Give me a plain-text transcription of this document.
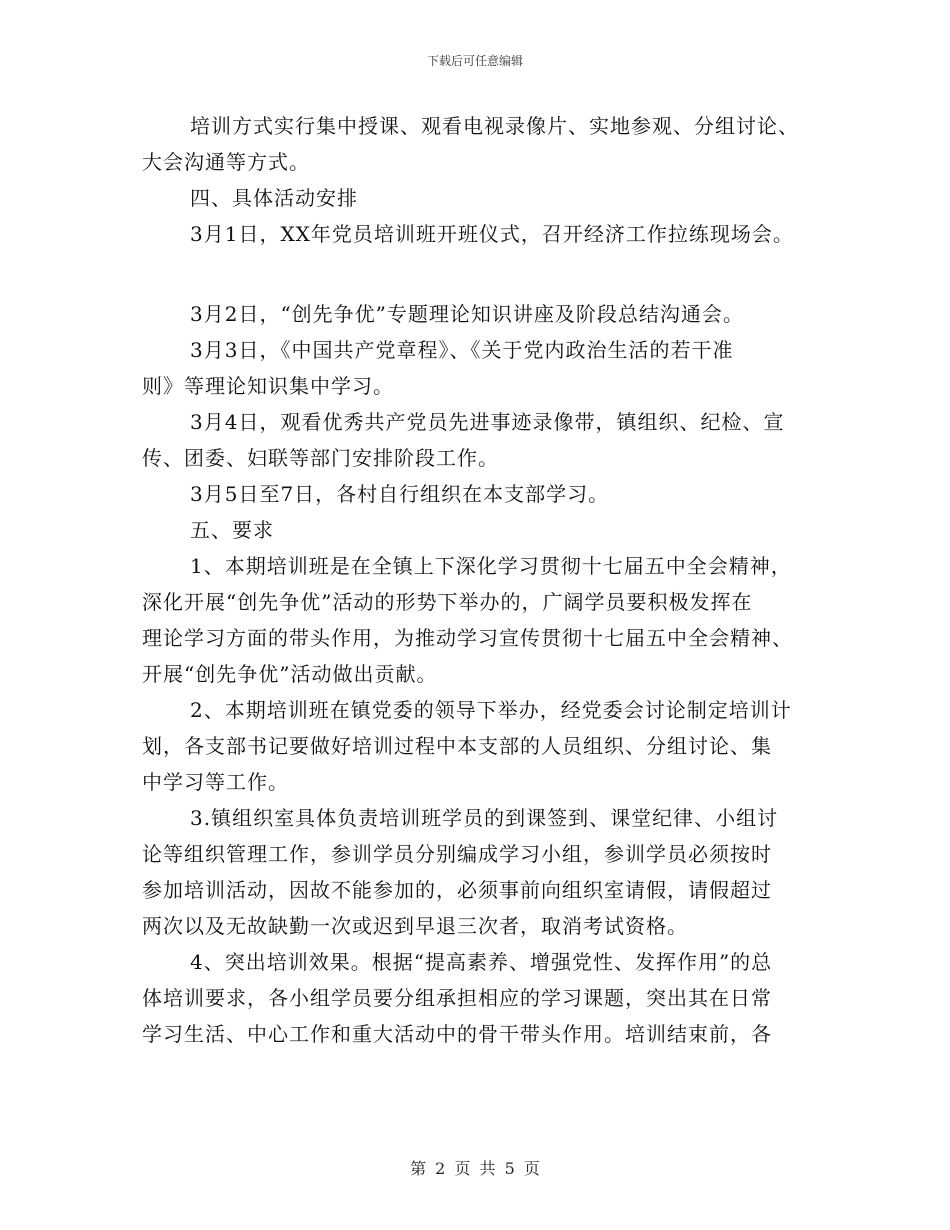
下载后可任意编辑
培训方式实行集中授课、观看电视录像片、实地参观、分组讨论、
大会沟通等方式。
四、具体活动安排
3月1日，XX年党员培训班开班仪式，召开经济工作拉练现场会。
3月2日，“创先争优”专题理论知识讲座及阶段总结沟通会。
3月3日，《中国共产党章程》、《关于党内政治生活的若干准
则》等理论知识集中学习。
3月4日，观看优秀共产党员先进事迹录像带，镇组织、纪检、宣
传、团委、妇联等部门安排阶段工作。
3月5日至7日，各村自行组织在本支部学习。
五、要求
1、本期培训班是在全镇上下深化学习贯彻十七届五中全会精神，
深化开展“创先争优”活动的形势下举办的，广阔学员要积极发挥在
理论学习方面的带头作用，为推动学习宣传贯彻十七届五中全会精神、
开展“创先争优”活动做出贡献。
2、本期培训班在镇党委的领导下举办，经党委会讨论制定培训计
划，各支部书记要做好培训过程中本支部的人员组织、分组讨论、集
中学习等工作。
3.镇组织室具体负责培训班学员的到课签到、课堂纪律、小组讨
论等组织管理工作，参训学员分别编成学习小组，参训学员必须按时
参加培训活动，因故不能参加的，必须事前向组织室请假，请假超过
两次以及无故缺勤一次或迟到早退三次者，取消考试资格。
4、突出培训效果。根据“提高素养、增强党性、发挥作用”的总
体培训要求，各小组学员要分组承担相应的学习课题，突出其在日常
学习生活、中心工作和重大活动中的骨干带头作用。培训结束前，各
第 2 页 共 5 页
